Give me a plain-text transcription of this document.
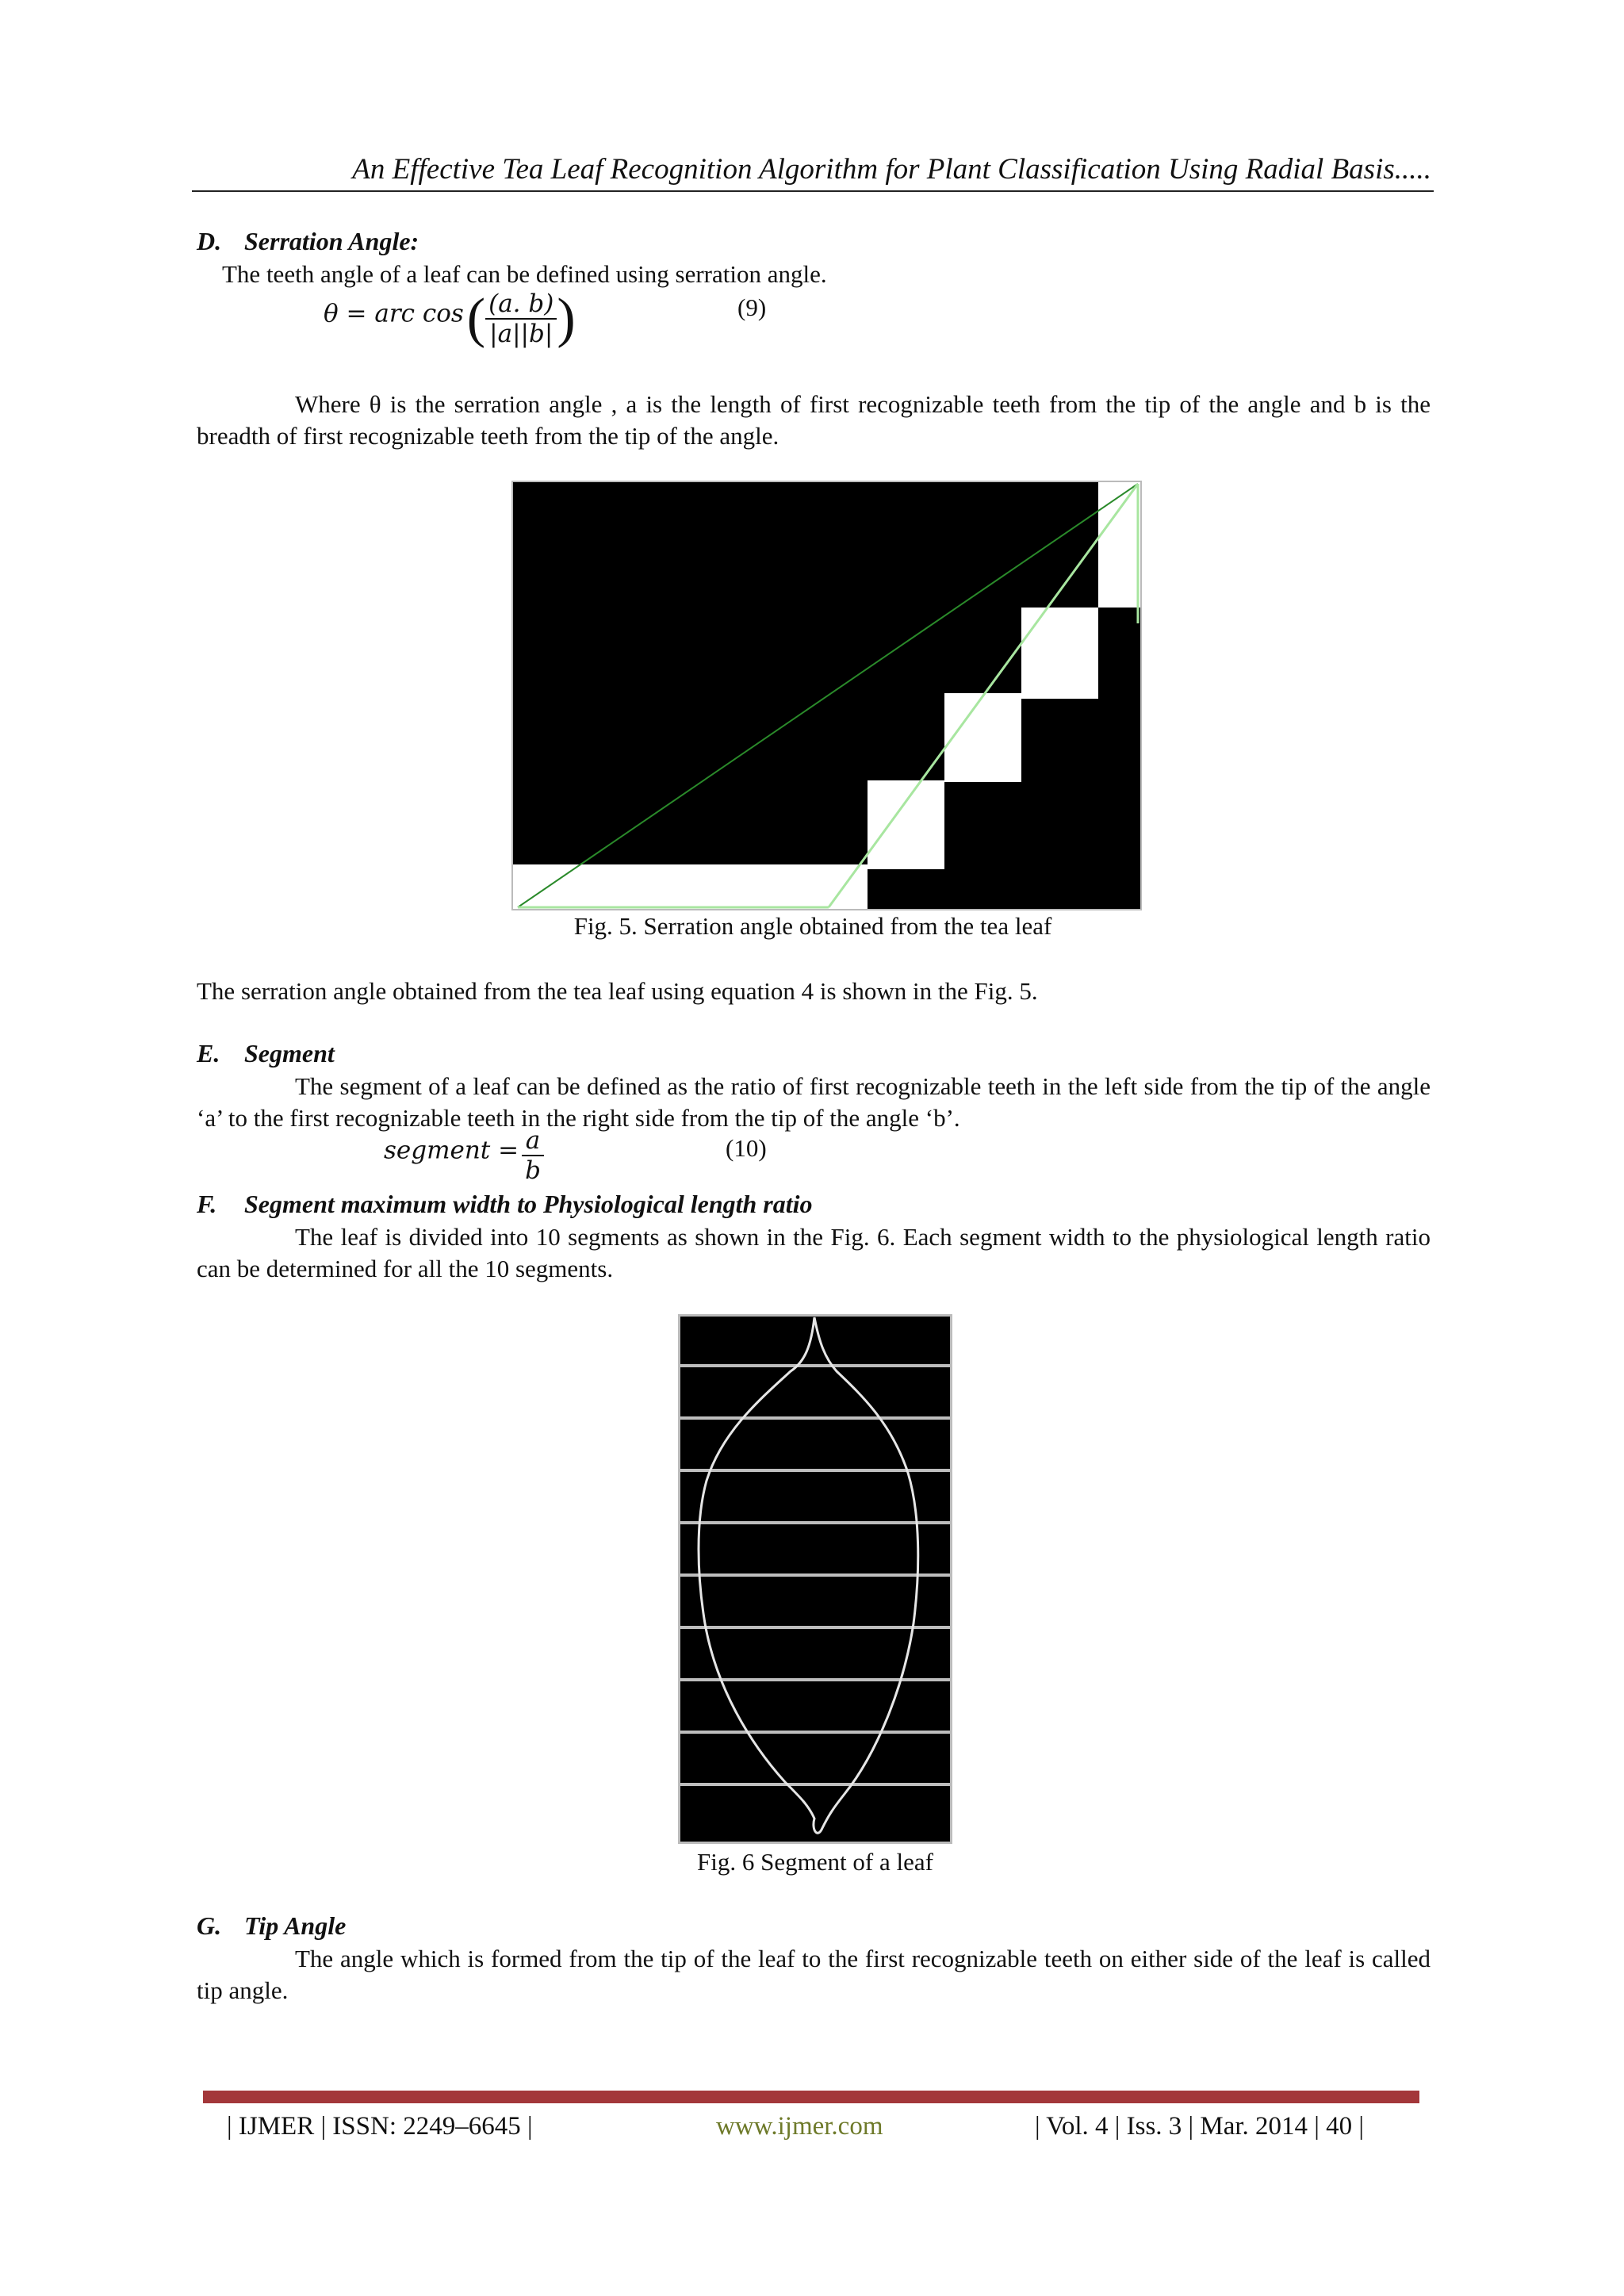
An Effective Tea Leaf Recognition Algorithm for Plant Classification Using Radial Basis.....
D. Serration Angle:
The teeth angle of a leaf can be defined using serration angle.
θ = arc cos ( $\frac{(a. b)}{|a||b|}$ )	(9)
Where θ is the serration angle , a is the length of first recognizable teeth from the tip of the angle and b is the breadth of first recognizable teeth from the tip of the angle.
Fig. 5. Serration angle obtained from the tea leaf
The serration angle obtained from the tea leaf using equation 4 is shown in the Fig. 5.
E. Segment
The segment of a leaf can be defined as the ratio of first recognizable teeth in the left side from the tip of the angle ‘a’ to the first recognizable teeth in the right side from the tip of the angle ‘b’.
segment = $\frac{a}{b}$	(10)
F. Segment maximum width to Physiological length ratio
The leaf is divided into 10 segments as shown in the Fig. 6. Each segment width to the physiological length ratio can be determined for all the 10 segments.
Fig. 6 Segment of a leaf
G. Tip Angle
The angle which is formed from the tip of the leaf to the first recognizable teeth on either side of the leaf is called tip angle.
| IJMER | ISSN: 2249–6645 |	www.ijmer.com	| Vol. 4 | Iss. 3 | Mar. 2014 | 40 |
